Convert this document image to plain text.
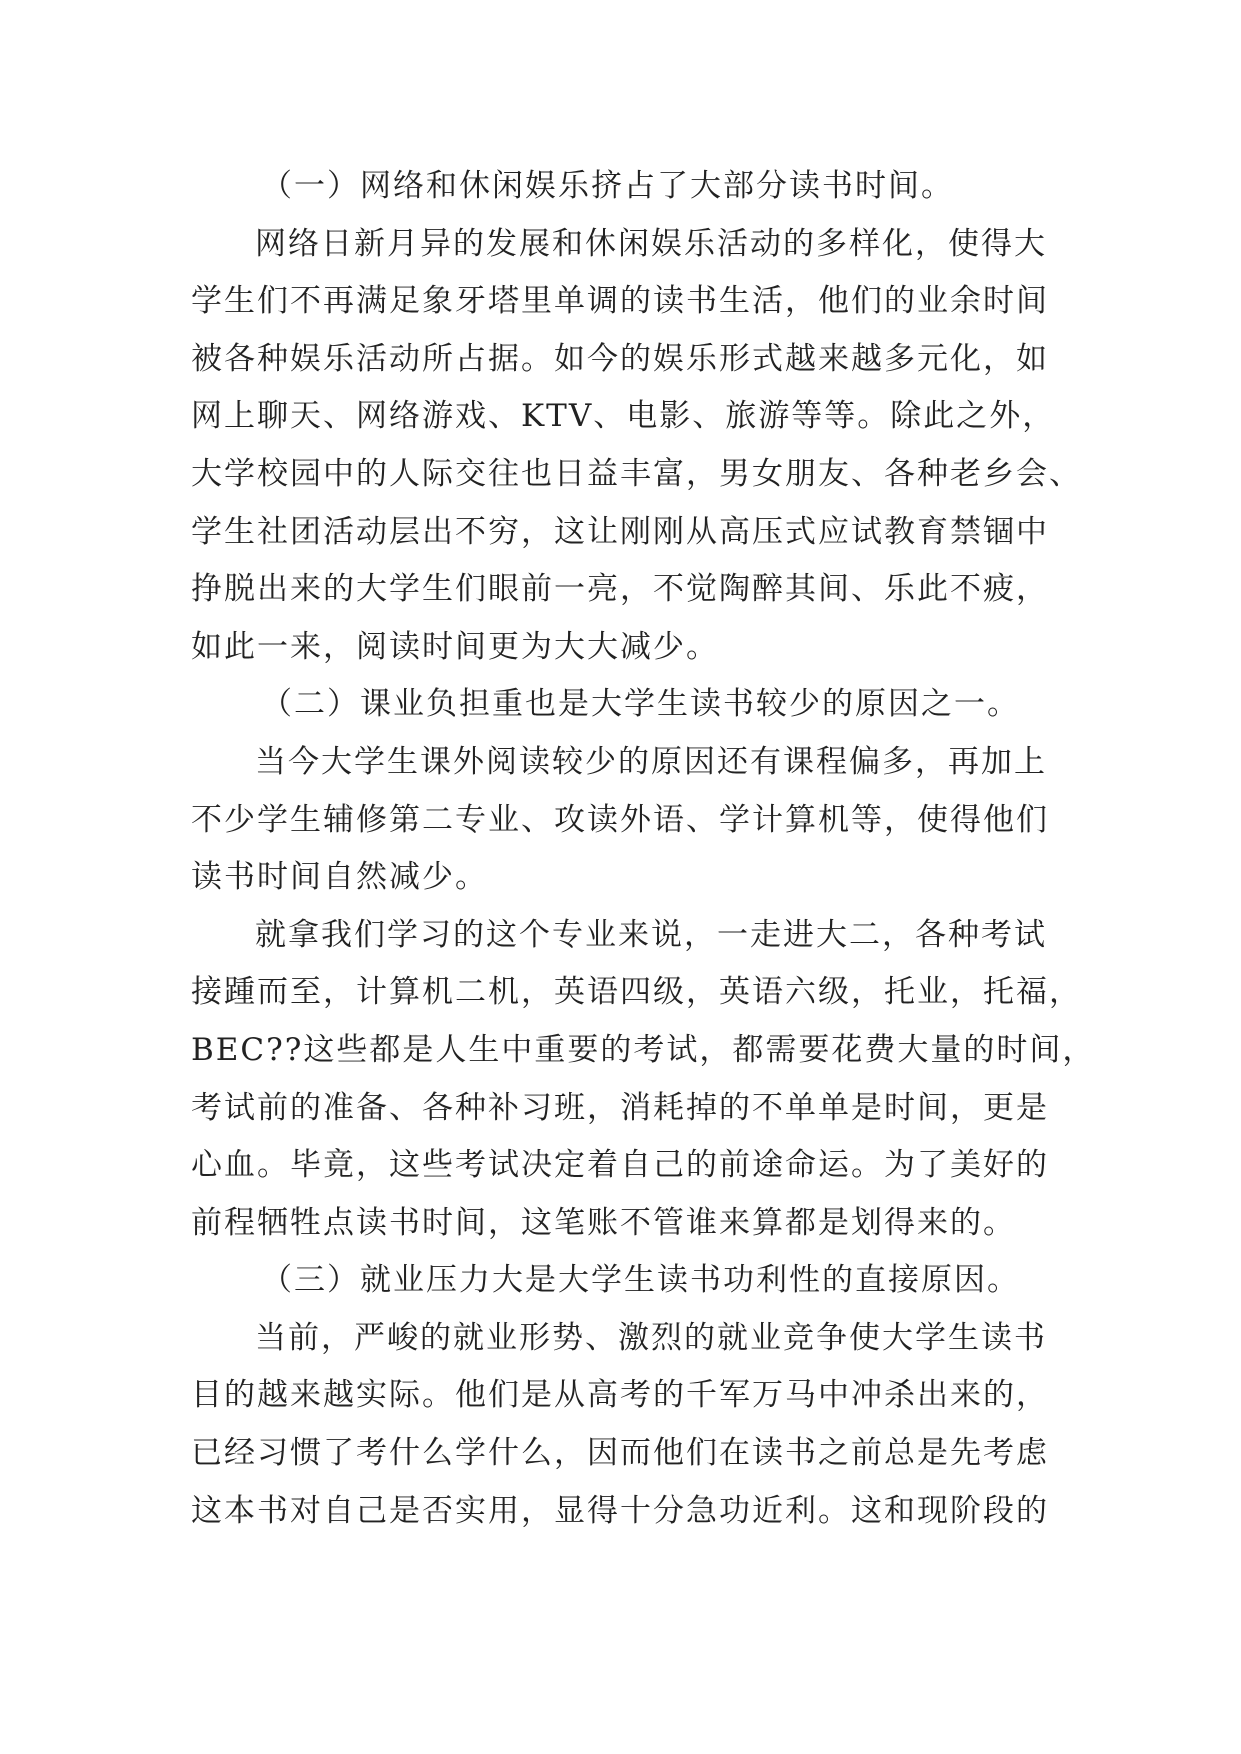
（一）网络和休闲娱乐挤占了大部分读书时间。
网络日新月异的发展和休闲娱乐活动的多样化，使得大
学生们不再满足象牙塔里单调的读书生活，他们的业余时间
被各种娱乐活动所占据。如今的娱乐形式越来越多元化，如
网上聊天、网络游戏、KTV、电影、旅游等等。除此之外，
大学校园中的人际交往也日益丰富，男女朋友、各种老乡会、
学生社团活动层出不穷，这让刚刚从高压式应试教育禁锢中
挣脱出来的大学生们眼前一亮，不觉陶醉其间、乐此不疲，
如此一来，阅读时间更为大大减少。
（二）课业负担重也是大学生读书较少的原因之一。
当今大学生课外阅读较少的原因还有课程偏多，再加上
不少学生辅修第二专业、攻读外语、学计算机等，使得他们
读书时间自然减少。
就拿我们学习的这个专业来说，一走进大二，各种考试
接踵而至，计算机二机，英语四级，英语六级，托业，托福，
BEC??这些都是人生中重要的考试，都需要花费大量的时间，
考试前的准备、各种补习班，消耗掉的不单单是时间，更是
心血。毕竟，这些考试决定着自己的前途命运。为了美好的
前程牺牲点读书时间，这笔账不管谁来算都是划得来的。
（三）就业压力大是大学生读书功利性的直接原因。
当前，严峻的就业形势、激烈的就业竞争使大学生读书
目的越来越实际。他们是从高考的千军万马中冲杀出来的，
已经习惯了考什么学什么，因而他们在读书之前总是先考虑
这本书对自己是否实用，显得十分急功近利。这和现阶段的
